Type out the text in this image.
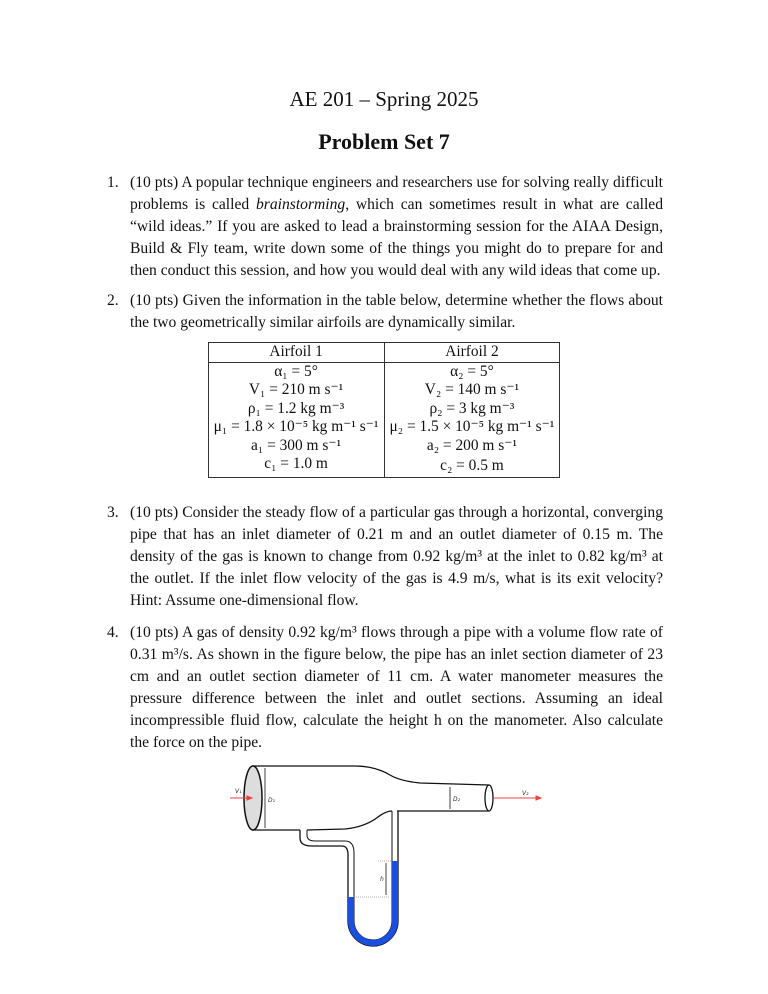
AE 201 – Spring 2025
Problem Set 7
1. (10 pts) A popular technique engineers and researchers use for solving really difficult problems is called brainstorming, which can sometimes result in what are called “wild ideas.” If you are asked to lead a brainstorming session for the AIAA Design, Build & Fly team, write down some of the things you might do to prepare for and then conduct this session, and how you would deal with any wild ideas that come up.
2. (10 pts) Given the information in the table below, determine whether the flows about the two geometrically similar airfoils are dynamically similar.
Airfoil 1	Airfoil 2
α₁ = 5°	α₂ = 5°
V₁ = 210 m s⁻¹	V₂ = 140 m s⁻¹
ρ₁ = 1.2 kg m⁻³	ρ₂ = 3 kg m⁻³
μ₁ = 1.8 × 10⁻⁵ kg m⁻¹ s⁻¹	μ₂ = 1.5 × 10⁻⁵ kg m⁻¹ s⁻¹
a₁ = 300 m s⁻¹	a₂ = 200 m s⁻¹
c₁ = 1.0 m	c₂ = 0.5 m
3. (10 pts) Consider the steady flow of a particular gas through a horizontal, converging pipe that has an inlet diameter of 0.21 m and an outlet diameter of 0.15 m. The density of the gas is known to change from 0.92 kg/m³ at the inlet to 0.82 kg/m³ at the outlet. If the inlet flow velocity of the gas is 4.9 m/s, what is its exit velocity? Hint: Assume one-dimensional flow.
4. (10 pts) A gas of density 0.92 kg/m³ flows through a pipe with a volume flow rate of 0.31 m³/s. As shown in the figure below, the pipe has an inlet section diameter of 23 cm and an outlet section diameter of 11 cm. A water manometer measures the pressure difference between the inlet and outlet sections. Assuming an ideal incompressible fluid flow, calculate the height h on the manometer. Also calculate the force on the pipe.
V₁
D₁	D₂
V₂
h
